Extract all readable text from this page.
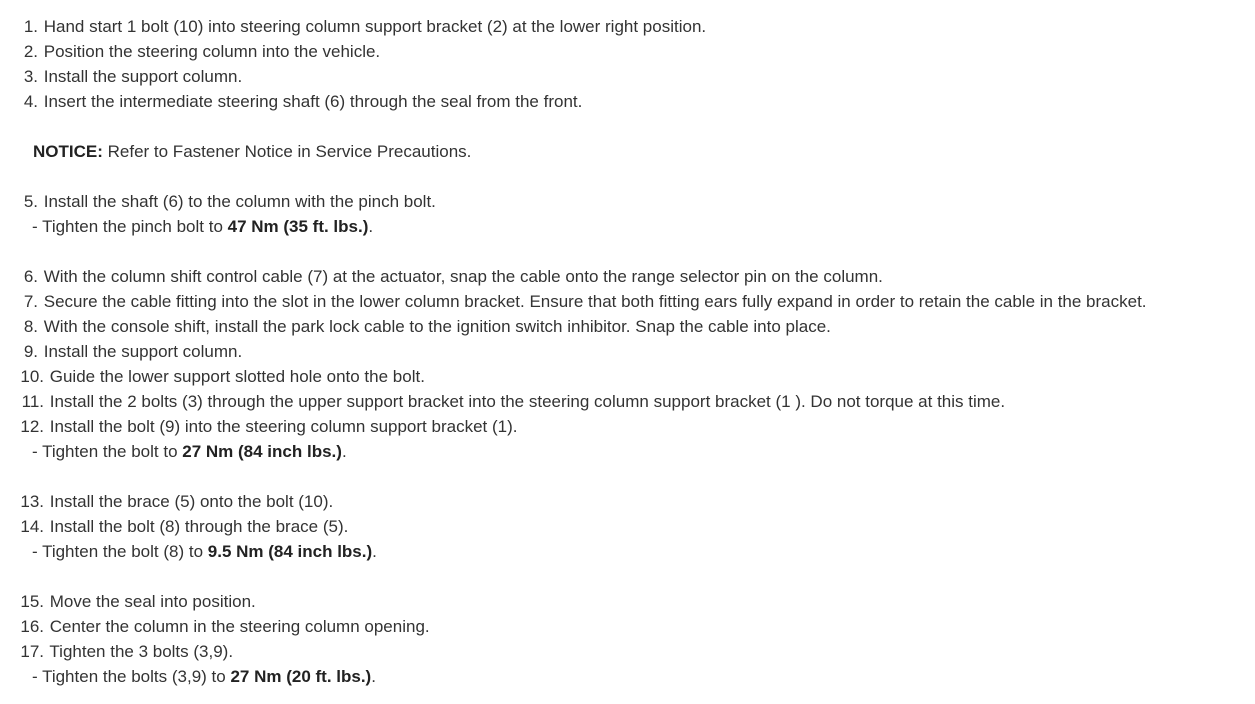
1. Hand start 1 bolt (10) into steering column support bracket (2) at the lower right position.
2. Position the steering column into the vehicle.
3. Install the support column.
4. Insert the intermediate steering shaft (6) through the seal from the front.
NOTICE: Refer to Fastener Notice in Service Precautions.
5. Install the shaft (6) to the column with the pinch bolt.
- Tighten the pinch bolt to 47 Nm (35 ft. lbs.).
6. With the column shift control cable (7) at the actuator, snap the cable onto the range selector pin on the column.
7. Secure the cable fitting into the slot in the lower column bracket. Ensure that both fitting ears fully expand in order to retain the cable in the bracket.
8. With the console shift, install the park lock cable to the ignition switch inhibitor. Snap the cable into place.
9. Install the support column.
10. Guide the lower support slotted hole onto the bolt.
11. Install the 2 bolts (3) through the upper support bracket into the steering column support bracket (1 ). Do not torque at this time.
12. Install the bolt (9) into the steering column support bracket (1).
- Tighten the bolt to 27 Nm (84 inch lbs.).
13. Install the brace (5) onto the bolt (10).
14. Install the bolt (8) through the brace (5).
- Tighten the bolt (8) to 9.5 Nm (84 inch lbs.).
15. Move the seal into position.
16. Center the column in the steering column opening.
17. Tighten the 3 bolts (3,9).
- Tighten the bolts (3,9) to 27 Nm (20 ft. lbs.).
